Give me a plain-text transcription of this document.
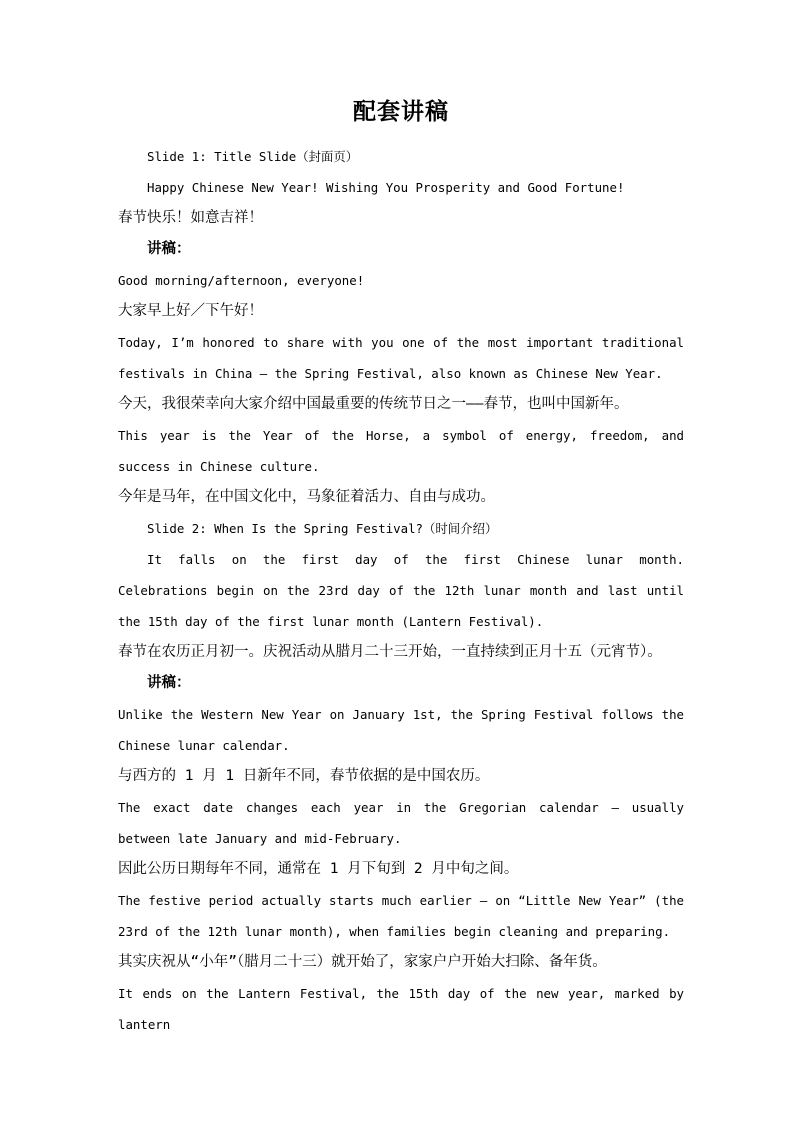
配套讲稿

Slide 1: Title Slide（封面页）

Happy Chinese New Year! Wishing You Prosperity and Good Fortune!

春节快乐！如意吉祥！

讲稿：

Good morning/afternoon, everyone!

大家早上好／下午好！

Today, I’m honored to share with you one of the most important traditional festivals in China — the Spring Festival, also known as Chinese New Year.

今天，我很荣幸向大家介绍中国最重要的传统节日之一——春节，也叫中国新年。

This year is the Year of the Horse, a symbol of energy, freedom, and success in Chinese culture.

今年是马年，在中国文化中，马象征着活力、自由与成功。

Slide 2: When Is the Spring Festival?（时间介绍）

It falls on the first day of the first Chinese lunar month. Celebrations begin on the 23rd day of the 12th lunar month and last until the 15th day of the first lunar month (Lantern Festival).

春节在农历正月初一。庆祝活动从腊月二十三开始，一直持续到正月十五（元宵节）。

讲稿：

Unlike the Western New Year on January 1st, the Spring Festival follows the Chinese lunar calendar.

与西方的 1 月 1 日新年不同，春节依据的是中国农历。

The exact date changes each year in the Gregorian calendar — usually between late January and mid-February.

因此公历日期每年不同，通常在 1 月下旬到 2 月中旬之间。

The festive period actually starts much earlier — on “Little New Year” (the 23rd of the 12th lunar month), when families begin cleaning and preparing.

其实庆祝从“小年”（腊月二十三）就开始了，家家户户开始大扫除、备年货。

It ends on the Lantern Festival, the 15th day of the new year, marked by lantern
